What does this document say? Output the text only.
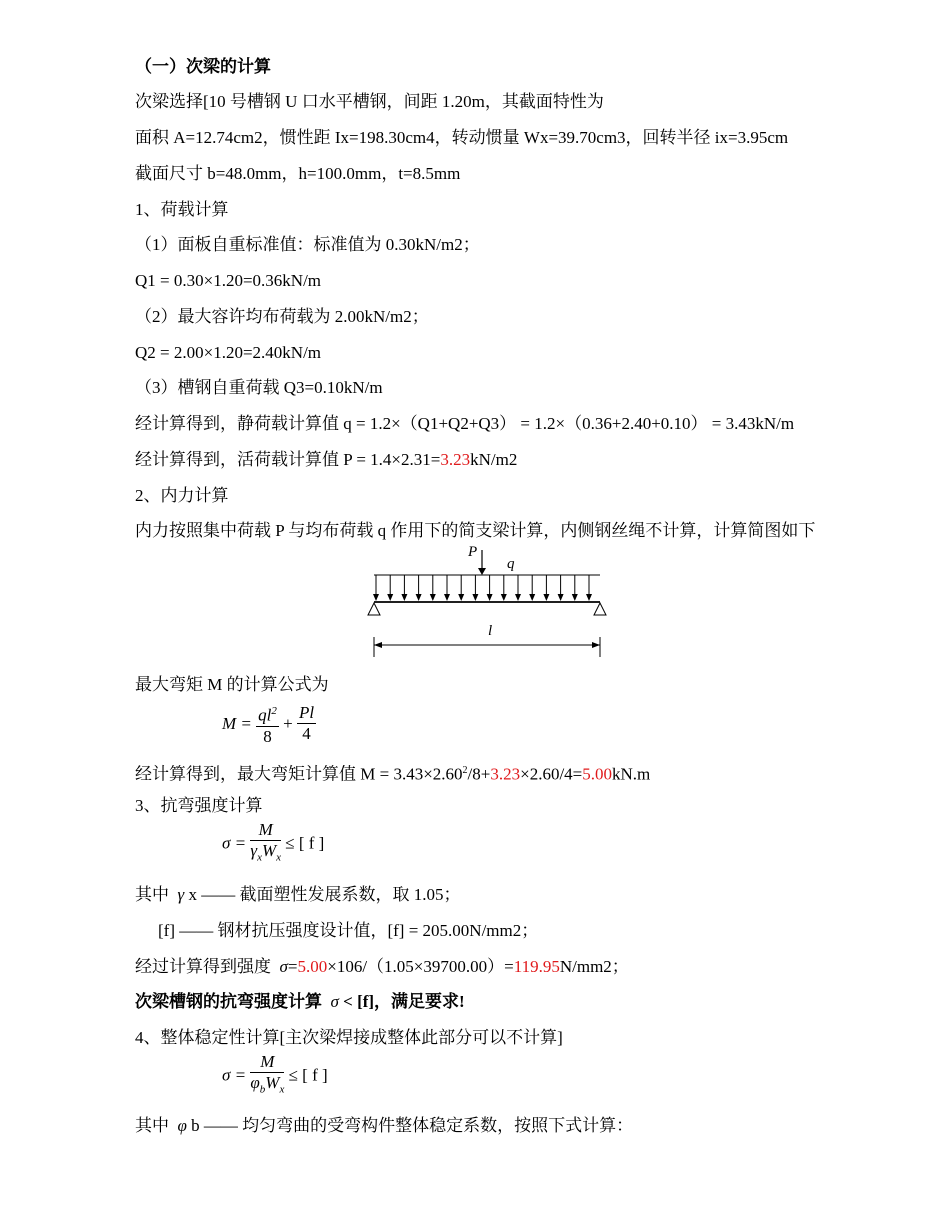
（一）次梁的计算
次梁选择[10 号槽钢 U 口水平槽钢，间距 1.20m，其截面特性为
面积 A=12.74cm2，惯性距 Ix=198.30cm4，转动惯量 Wx=39.70cm3，回转半径 ix=3.95cm
截面尺寸 b=48.0mm，h=100.0mm，t=8.5mm
1、荷载计算
（1）面板自重标准值：标准值为 0.30kN/m2；
Q1 = 0.30×1.20=0.36kN/m
（2）最大容许均布荷载为 2.00kN/m2；
Q2 = 2.00×1.20=2.40kN/m
（3）槽钢自重荷载 Q3=0.10kN/m
经计算得到，静荷载计算值 q = 1.2×（Q1+Q2+Q3） = 1.2×（0.36+2.40+0.10） = 3.43kN/m
经计算得到，活荷载计算值 P = 1.4×2.31=3.23kN/m2
2、内力计算
内力按照集中荷载 P 与均布荷载 q 作用下的简支梁计算，内侧钢丝绳不计算，计算简图如下
P
q
l
最大弯矩 M 的计算公式为
$M = \frac{ql^2}{8} + \frac{Pl}{4}$
经计算得到，最大弯矩计算值 $M = 3.43\times 2.60^2/8+3.23\times 2.60/4=5.00kN.m$
3、抗弯强度计算
$\sigma = \frac{M}{\gamma_xW_x}$ ≤ [ f ]
其中 γ x —— 截面塑性发展系数，取 1.05；
[f] —— 钢材抗压强度设计值，[f] = 205.00N/mm2；
经过计算得到强度 σ=5.00×106/（1.05×39700.00）=119.95N/mm2；
次梁槽钢的抗弯强度计算 σ < [f]，满足要求!
4、整体稳定性计算[主次梁焊接成整体此部分可以不计算]
$\sigma = \frac{M}{\varphi_bW_x}$ ≤ [ f ]
其中 φ b —— 均匀弯曲的受弯构件整体稳定系数，按照下式计算：
